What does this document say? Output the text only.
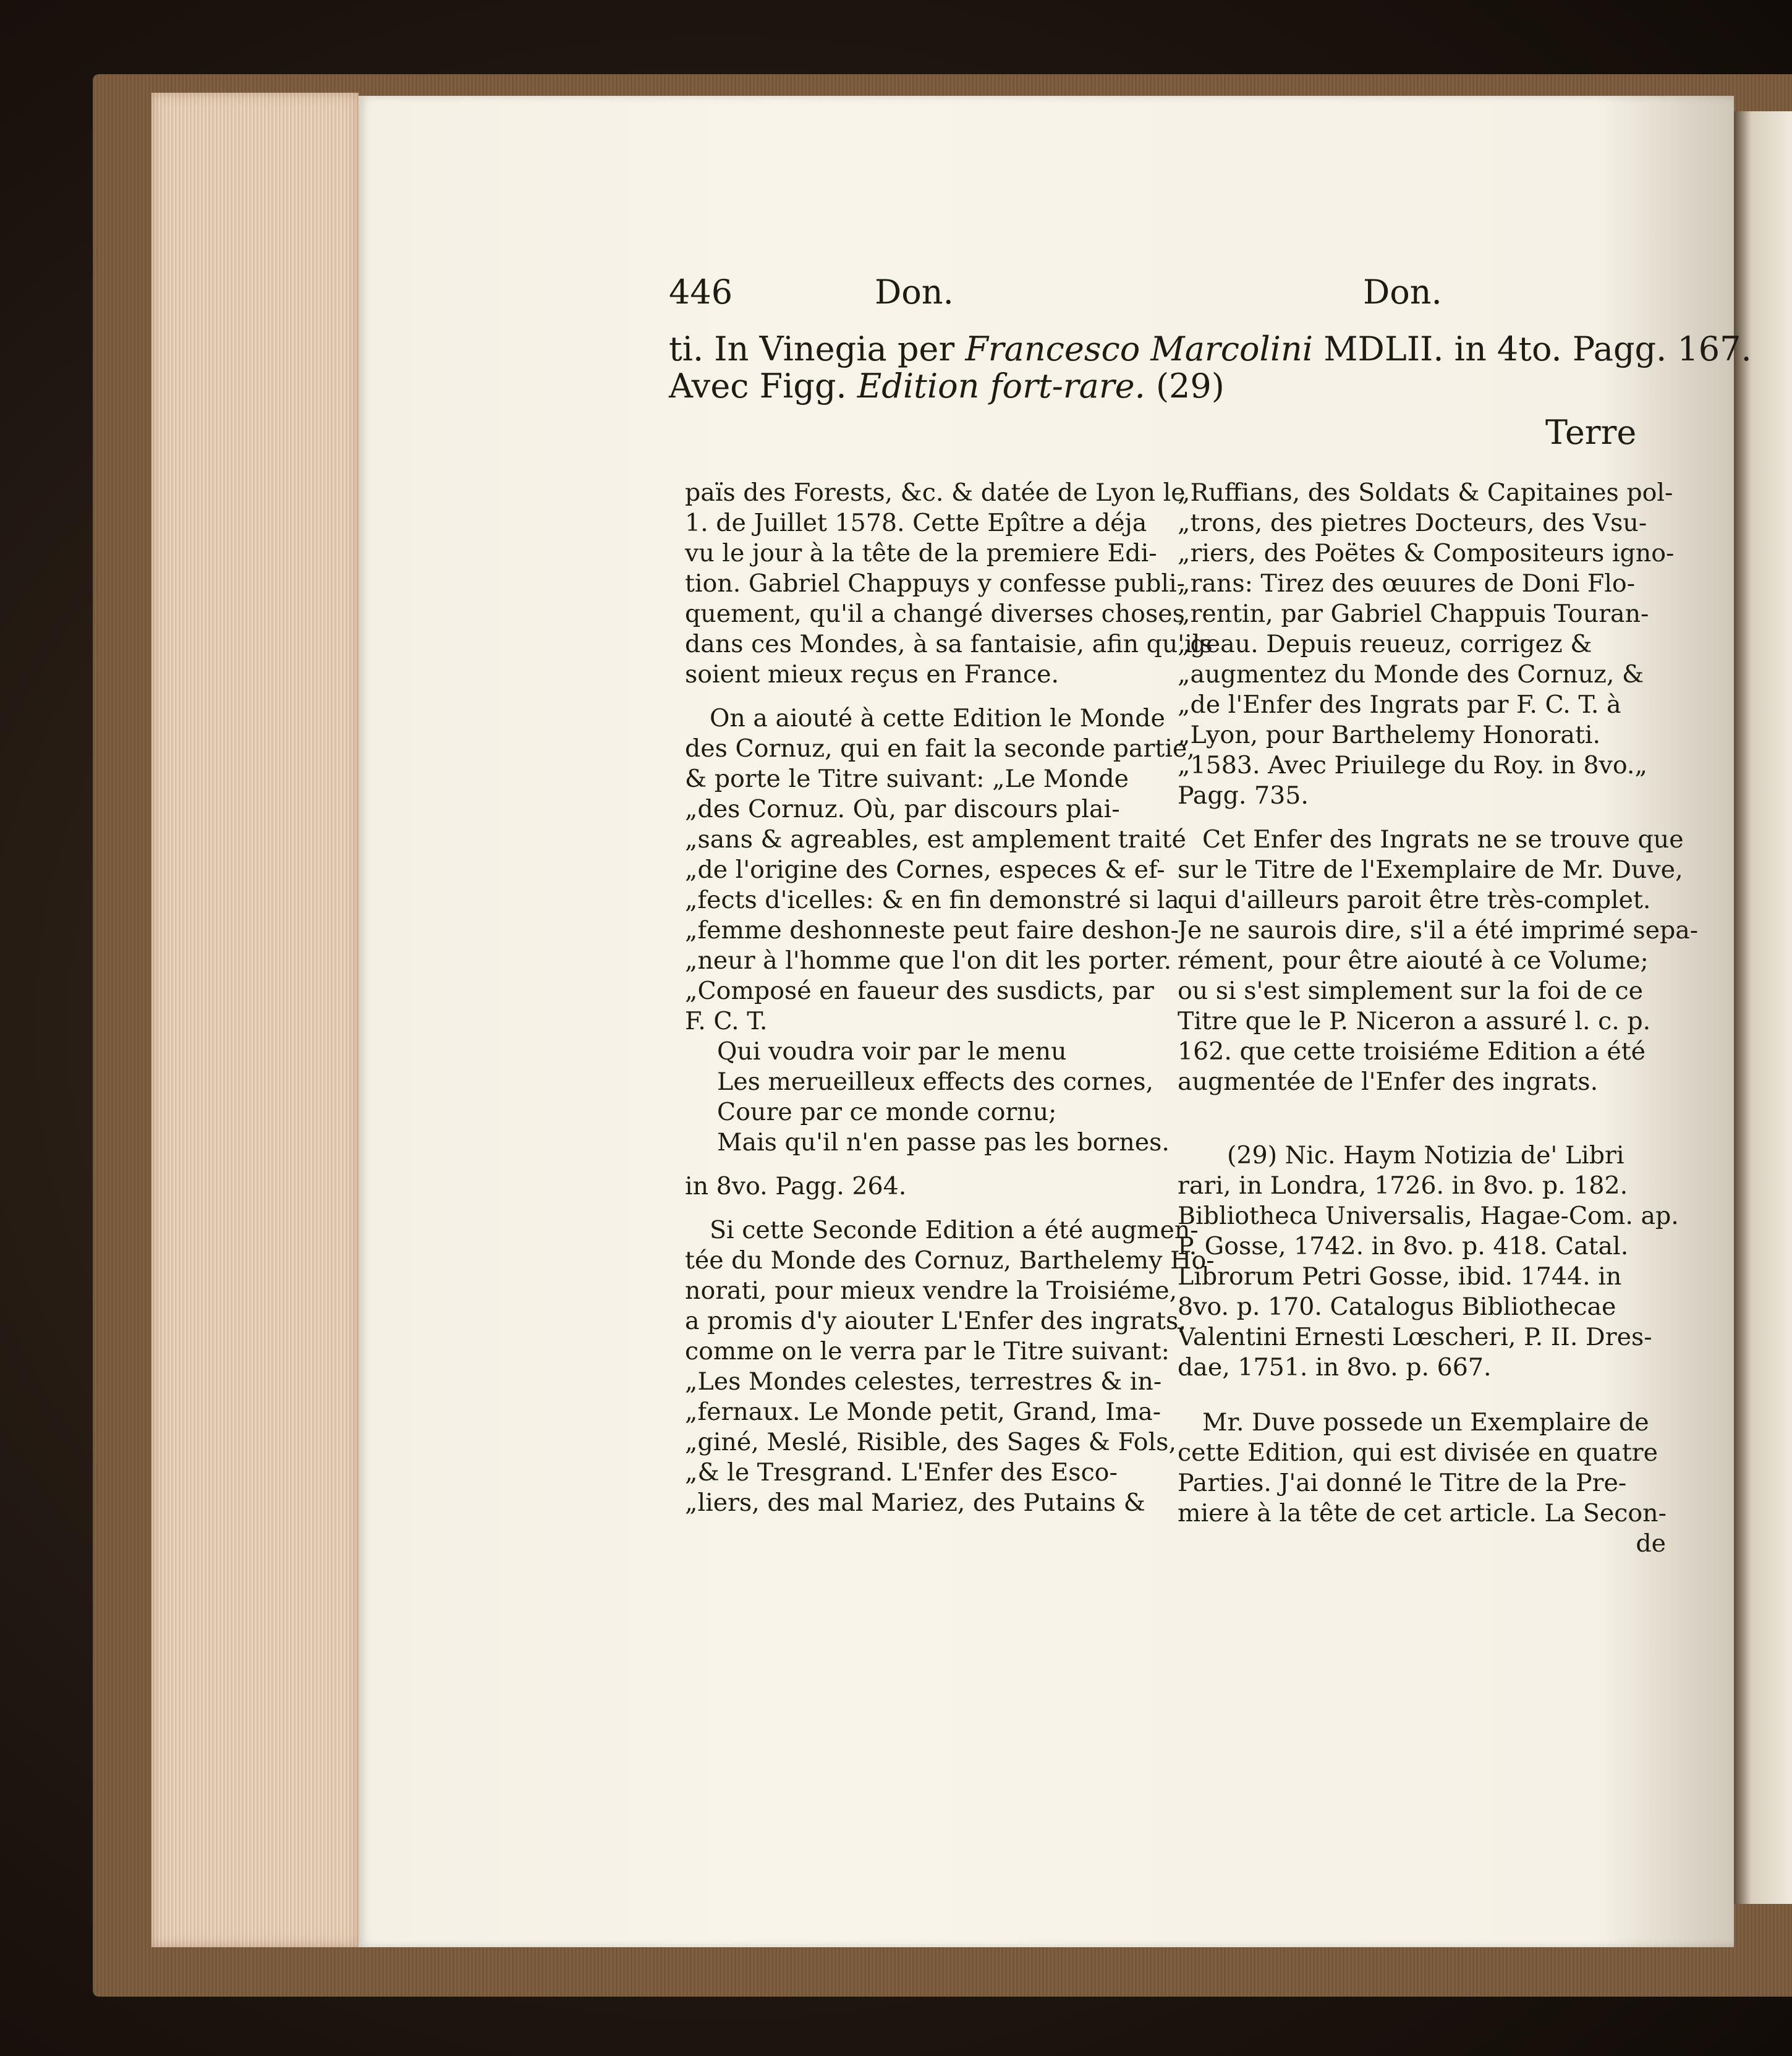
446	Don.	Don.
ti. In Vinegia per Francesco Marcolini MDLII. in 4to. Pagg. 167.
Avec Figg. Edition fort-rare. (29)
Terre
païs des Forests, &c. & datée de Lyon le
1. de Juillet 1578. Cette Epître a déja
vu le jour à la tête de la premiere Edi-
tion. Gabriel Chappuys y confesse publi-
quement, qu'il a changé diverses choses
dans ces Mondes, à sa fantaisie, afin qu'ils
soient mieux reçus en France.
On a aiouté à cette Edition le Monde
des Cornuz, qui en fait la seconde partie,
& porte le Titre suivant: „Le Monde
„des Cornuz. Où, par discours plai-
„sans & agreables, est amplement traité
„de l'origine des Cornes, especes & ef-
„fects d'icelles: & en fin demonstré si la
„femme deshonneste peut faire deshon-
„neur à l'homme que l'on dit les porter.
„Composé en faueur des susdicts, par
F. C. T.
Qui voudra voir par le menu
Les merueilleux effects des cornes,
Coure par ce monde cornu;
Mais qu'il n'en passe pas les bornes.
in 8vo. Pagg. 264.
Si cette Seconde Edition a été augmen-
tée du Monde des Cornuz, Barthelemy Ho-
norati, pour mieux vendre la Troisiéme,
a promis d'y aiouter L'Enfer des ingrats,
comme on le verra par le Titre suivant:
„Les Mondes celestes, terrestres & in-
„fernaux. Le Monde petit, Grand, Ima-
„giné, Meslé, Risible, des Sages & Fols,
„& le Tresgrand. L'Enfer des Esco-
„liers, des mal Mariez, des Putains &
„Ruffians, des Soldats & Capitaines pol-
„trons, des pietres Docteurs, des Vsu-
„riers, des Poëtes & Compositeurs igno-
„rans: Tirez des œuures de Doni Flo-
„rentin, par Gabriel Chappuis Touran-
„geau. Depuis reueuz, corrigez &
„augmentez du Monde des Cornuz, &
„de l'Enfer des Ingrats par F. C. T. à
„Lyon, pour Barthelemy Honorati.
„1583. Avec Priuilege du Roy. in 8vo.„
Pagg. 735.
Cet Enfer des Ingrats ne se trouve que
sur le Titre de l'Exemplaire de Mr. Duve,
qui d'ailleurs paroit être très-complet.
Je ne saurois dire, s'il a été imprimé sepa-
rément, pour être aiouté à ce Volume;
ou si s'est simplement sur la foi de ce
Titre que le P. Niceron a assuré l. c. p.
162. que cette troisiéme Edition a été
augmentée de l'Enfer des ingrats.
(29) Nic. Haym Notizia de' Libri
rari, in Londra, 1726. in 8vo. p. 182.
Bibliotheca Universalis, Hagae-Com. ap.
P. Gosse, 1742. in 8vo. p. 418. Catal.
Librorum Petri Gosse, ibid. 1744. in
8vo. p. 170. Catalogus Bibliothecae
Valentini Ernesti Lœscheri, P. II. Dres-
dae, 1751. in 8vo. p. 667.
Mr. Duve possede un Exemplaire de
cette Edition, qui est divisée en quatre
Parties. J'ai donné le Titre de la Pre-
miere à la tête de cet article. La Secon-
de
